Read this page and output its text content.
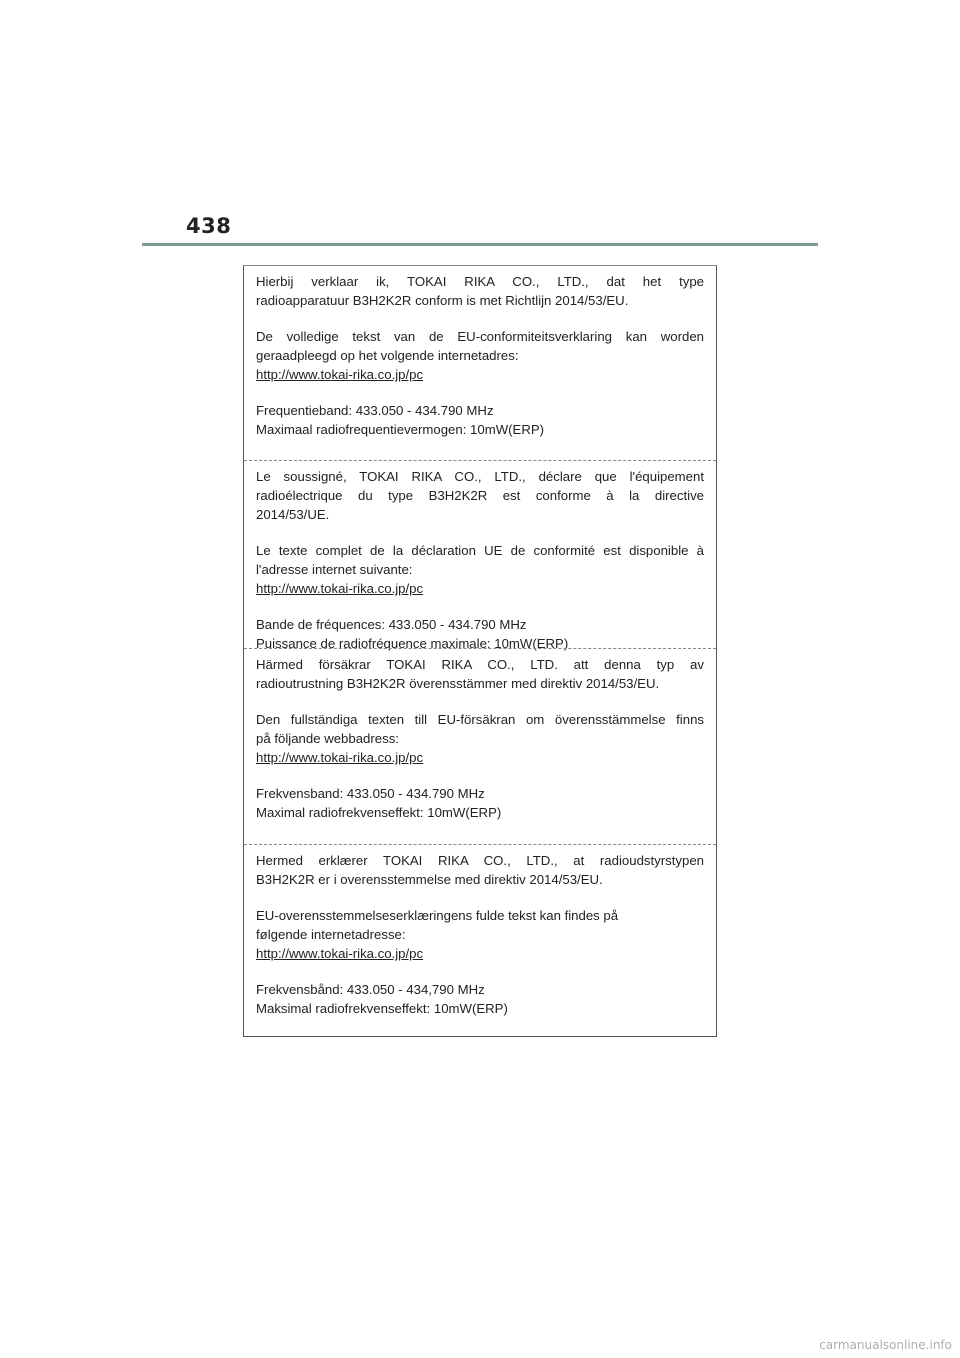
438

Hierbij verklaar ik, TOKAI RIKA CO., LTD., dat het type

radioapparatuur B3H2K2R conform is met Richtlijn 2014/53/EU.

De volledige tekst van de EU-conformiteitsverklaring kan worden

geraadpleegd op het volgende internetadres:

http://www.tokai-rika.co.jp/pc

Frequentieband: 433.050 - 434.790 MHz

Maximaal radiofrequentievermogen: 10mW(ERP)

Le soussigné, TOKAI RIKA CO., LTD., déclare que l'équipement

radioélectrique du type B3H2K2R est conforme à la directive

2014/53/UE.

Le texte complet de la déclaration UE de conformité est disponible à

l'adresse internet suivante:

http://www.tokai-rika.co.jp/pc

Bande de fréquences: 433.050 - 434.790 MHz

Puissance de radiofréquence maximale: 10mW(ERP)

Härmed försäkrar TOKAI RIKA CO., LTD. att denna typ av

radioutrustning B3H2K2R överensstämmer med direktiv 2014/53/EU.

Den fullständiga texten till EU-försäkran om överensstämmelse finns

på följande webbadress:

http://www.tokai-rika.co.jp/pc

Frekvensband: 433.050 - 434.790 MHz

Maximal radiofrekvenseffekt: 10mW(ERP)

Hermed erklærer TOKAI RIKA CO., LTD., at radioudstyrstypen

B3H2K2R er i overensstemmelse med direktiv 2014/53/EU.

EU-overensstemmelseserklæringens fulde tekst kan findes på

følgende internetadresse:

http://www.tokai-rika.co.jp/pc

Frekvensbånd: 433.050 - 434,790 MHz

Maksimal radiofrekvenseffekt: 10mW(ERP)

carmanualsonline.info
